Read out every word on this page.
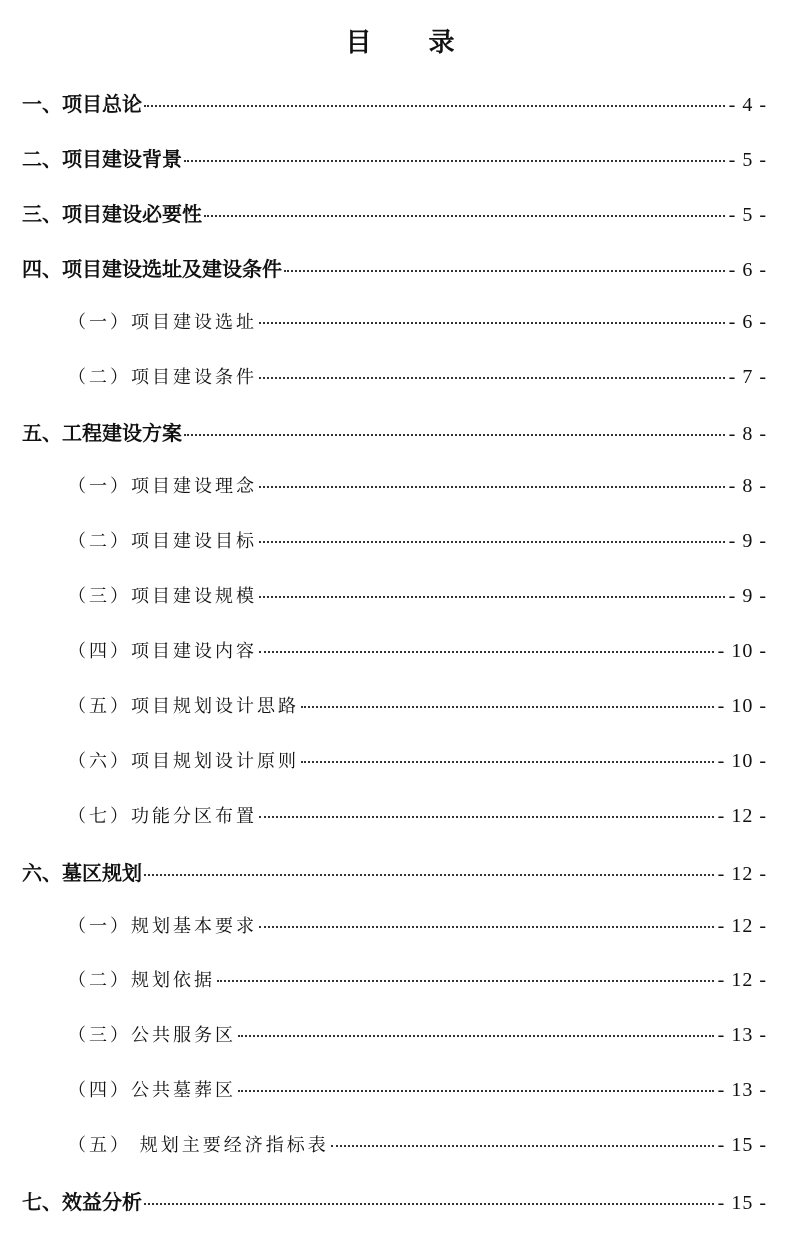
目 录
一、项目总论	- 4 -
二、项目建设背景	- 5 -
三、项目建设必要性	- 5 -
四、项目建设选址及建设条件	- 6 -
（一）项目建设选址	- 6 -
（二）项目建设条件	- 7 -
五、工程建设方案	- 8 -
（一）项目建设理念	- 8 -
（二）项目建设目标	- 9 -
（三）项目建设规模	- 9 -
（四）项目建设内容	- 10 -
（五）项目规划设计思路	- 10 -
（六）项目规划设计原则	- 10 -
（七）功能分区布置	- 12 -
六、墓区规划	- 12 -
（一）规划基本要求	- 12 -
（二）规划依据	- 12 -
（三）公共服务区	- 13 -
（四）公共墓葬区	- 13 -
（五） 规划主要经济指标表	- 15 -
七、效益分析	- 15 -
